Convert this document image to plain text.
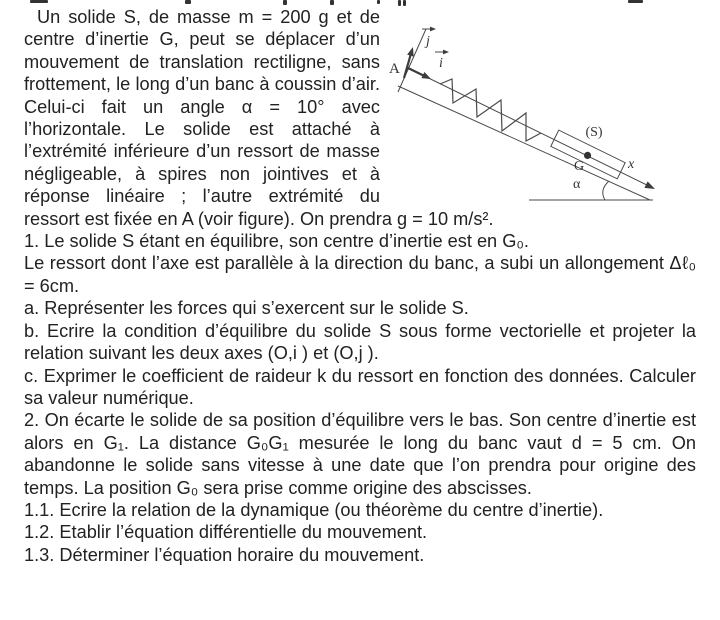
j
i
A
(S)
G	x
α

Un solide S, de masse m = 200 g et de centre d’inertie G, peut se déplacer d’un mouvement de translation rectiligne, sans frottement, le long d’un banc à coussin d’air. Celui-ci fait un angle α = 10° avec l’horizontale. Le solide est attaché à l’extrémité inférieure d’un ressort de masse négligeable, à spires non jointives et à réponse linéaire ; l’autre extrémité du ressort est fixée en A (voir figure). On prendra g = 10 m/s².

1. Le solide S étant en équilibre, son centre d’inertie est en G₀.

Le ressort dont l’axe est parallèle à la direction du banc, a subi un allongement Δℓ₀ = 6cm.

a. Représenter les forces qui s’exercent sur le solide S.

b. Ecrire la condition d’équilibre du solide S sous forme vectorielle et projeter la relation suivant les deux axes (O,i ) et (O,j ).

c. Exprimer le coefficient de raideur k du ressort en fonction des données. Calculer sa valeur numérique.

2. On écarte le solide de sa position d’équilibre vers le bas. Son centre d’inertie est alors en G₁. La distance G₀G₁ mesurée le long du banc vaut d = 5 cm. On abandonne le solide sans vitesse à une date que l’on prendra pour origine des temps. La position G₀ sera prise comme origine des abscisses.

1.1. Ecrire la relation de la dynamique (ou théorème du centre d’inertie).

1.2. Etablir l’équation différentielle du mouvement.

1.3. Déterminer l’équation horaire du mouvement.
